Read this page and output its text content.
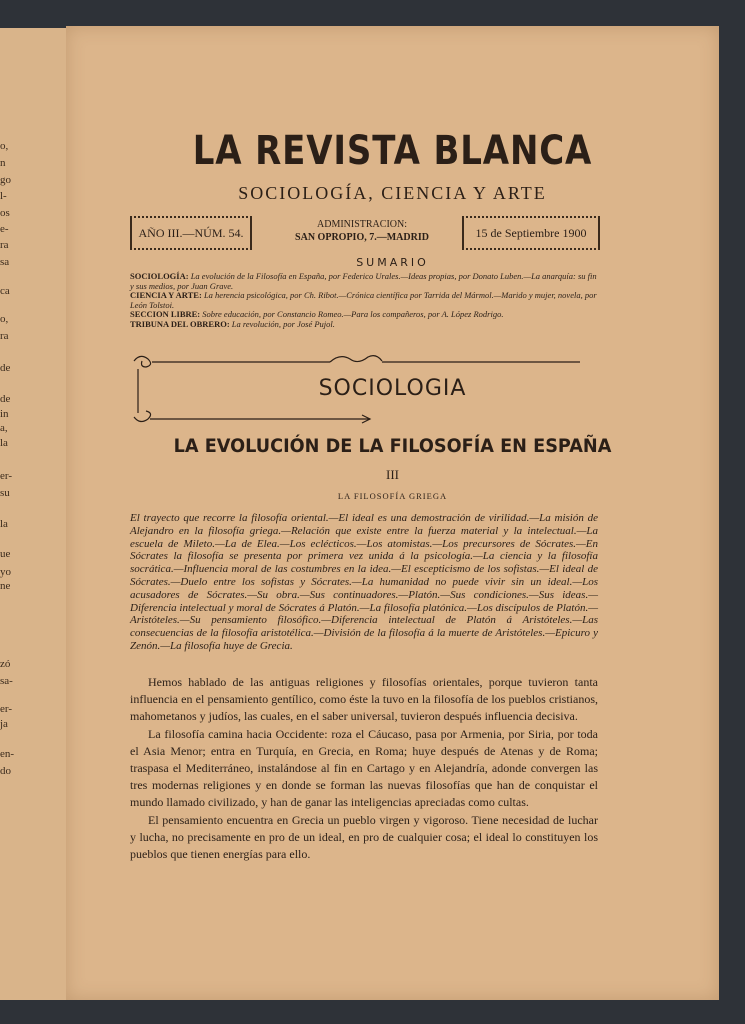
o,
n
go
l-
os
e-
ra
sa
ca
o,
ra
de
de
in
a,
la
er-
su
la
ue
yo
ne
zó
sa-
er-
ja
en-
do
LA REVISTA BLANCA
SOCIOLOGÍA, CIENCIA Y ARTE
AÑO III.—NÚM. 54.
ADMINISTRACION:
SAN OPROPIO, 7.—MADRID	15 de Septiembre 1900
SUMARIO
SOCIOLOGÍA: La evolución de la Filosofía en España, por Federico Urales.—Ideas propias, por Donato Luben.—La anarquía: su fin y sus medios, por Juan Grave.
CIENCIA Y ARTE: La herencia psicológica, por Ch. Ribot.—Crónica científica por Tarrida del Mármol.—Marido y mujer, novela, por León Tolstoi.
SECCION LIBRE: Sobre educación, por Constancio Romeo.—Para los compañeros, por A. López Rodrigo.
TRIBUNA DEL OBRERO: La revolución, por José Pujol.
SOCIOLOGIA
LA EVOLUCIÓN DE LA FILOSOFÍA EN ESPAÑA
III
LA FILOSOFÍA GRIEGA
El trayecto que recorre la filosofía oriental.—El ideal es una demostración de virilidad.—La misión de Alejandro en la filosofía griega.—Relación que existe entre la fuerza material y la intelectual.—La escuela de Mileto.—La de Elea.—Los eclécticos.—Los atomistas.—Los precursores de Sócrates.—En Sócrates la filosofía se presenta por primera vez unida á la psicología.—La ciencia y la filosofía socrática.—Influencia moral de las costumbres en la idea.—El escepticismo de los sofistas.—El ideal de Sócrates.—Duelo entre los sofistas y Sócrates.—La humanidad no puede vivir sin un ideal.—Los acusadores de Sócrates.—Su obra.—Sus continuadores.—Platón.—Sus condiciones.—Sus ideas.—Diferencia intelectual y moral de Sócrates á Platón.—La filosofía platónica.—Los discípulos de Platón.—Aristóteles.—Su pensamiento filosófico.—Diferencia intelectual de Platón á Aristóteles.—Las consecuencias de la filosofía aristotélica.—División de la filosofía á la muerte de Aristóteles.—Epicuro y Zenón.—La filosofía huye de Grecia.

Hemos hablado de las antiguas religiones y filosofías orientales, porque tuvieron tanta influencia en el pensamiento gentílico, como éste la tuvo en la filosofía de los pueblos cristianos, mahometanos y judíos, las cuales, en el saber universal, tuvieron después influencia decisiva.

La filosofía camina hacia Occidente: roza el Cáucaso, pasa por Armenia, por Siria, por toda el Asia Menor; entra en Turquía, en Grecia, en Roma; huye después de Atenas y de Roma; traspasa el Mediterráneo, instalándose al fin en Cartago y en Alejandría, adonde convergen las tres modernas religiones y en donde se forman las nuevas filosofías que han de conquistar el mundo llamado civilizado, y han de ganar las inteligencias apreciadas como cultas.

El pensamiento encuentra en Grecia un pueblo virgen y vigoroso. Tiene necesidad de luchar y lucha, no precisamente en pro de un ideal, en pro de cualquier cosa; el ideal lo constituyen los pueblos que tienen energías para ello.
